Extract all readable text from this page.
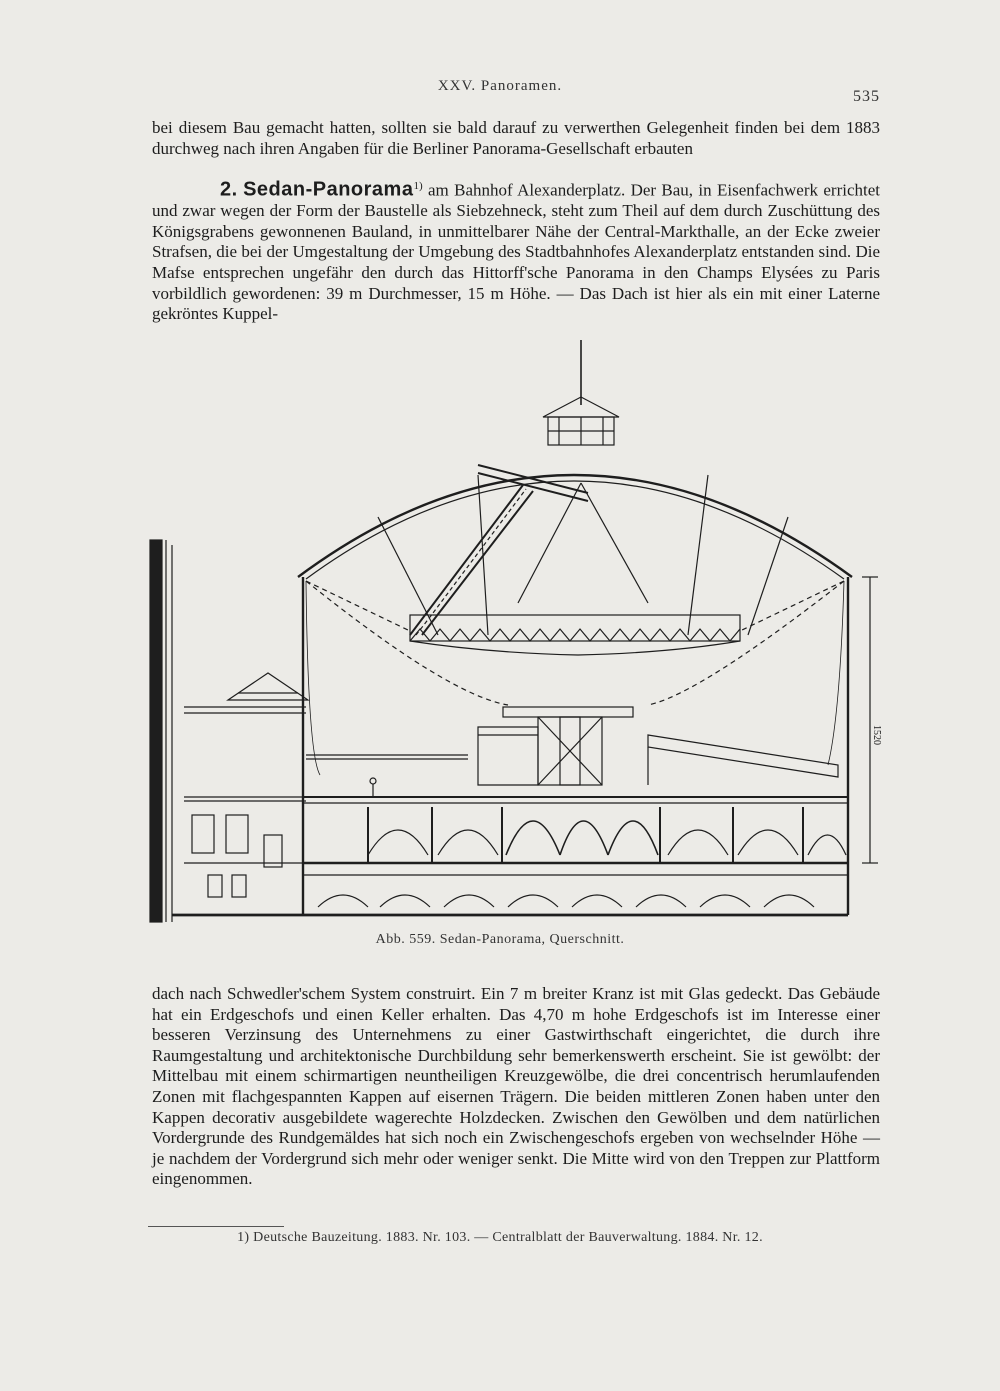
XXV. Panoramen.
535

bei diesem Bau gemacht hatten, sollten sie bald darauf zu verwerthen Gelegenheit finden bei dem 1883 durchweg nach ihren Angaben für die Berliner Panorama-Gesellschaft erbauten

2. Sedan-Panorama$^{1)}$ am Bahnhof Alexanderplatz. Der Bau, in Eisenfachwerk errichtet und zwar wegen der Form der Baustelle als Siebzehneck, steht zum Theil auf dem durch Zuschüttung des Königsgrabens gewonnenen Bauland, in unmittelbarer Nähe der Central-Markthalle, an der Ecke zweier Strafsen, die bei der Umgestaltung der Umgebung des Stadtbahnhofes Alexanderplatz entstanden sind. Die Mafse entsprechen ungefähr den durch das Hittorff'sche Panorama in den Champs Elysées zu Paris vorbildlich gewordenen: 39 m Durchmesser, 15 m Höhe. — Das Dach ist hier als ein mit einer Laterne gekröntes Kuppel-

1520
Abb. 559. Sedan-Panorama, Querschnitt.

dach nach Schwedler'schem System construirt. Ein 7 m breiter Kranz ist mit Glas gedeckt. Das Gebäude hat ein Erdgeschofs und einen Keller erhalten. Das 4,70 m hohe Erdgeschofs ist im Interesse einer besseren Verzinsung des Unternehmens zu einer Gastwirthschaft eingerichtet, die durch ihre Raumgestaltung und architektonische Durchbildung sehr bemerkenswerth erscheint. Sie ist gewölbt: der Mittelbau mit einem schirmartigen neuntheiligen Kreuzgewölbe, die drei concentrisch herumlaufenden Zonen mit flachgespannten Kappen auf eisernen Trägern. Die beiden mittleren Zonen haben unter den Kappen decorativ ausgebildete wagerechte Holzdecken. Zwischen den Gewölben und dem natürlichen Vordergrunde des Rundgemäldes hat sich noch ein Zwischengeschofs ergeben von wechselnder Höhe — je nachdem der Vordergrund sich mehr oder weniger senkt. Die Mitte wird von den Treppen zur Plattform eingenommen.

1) Deutsche Bauzeitung. 1883. Nr. 103. — Centralblatt der Bauverwaltung. 1884. Nr. 12.
